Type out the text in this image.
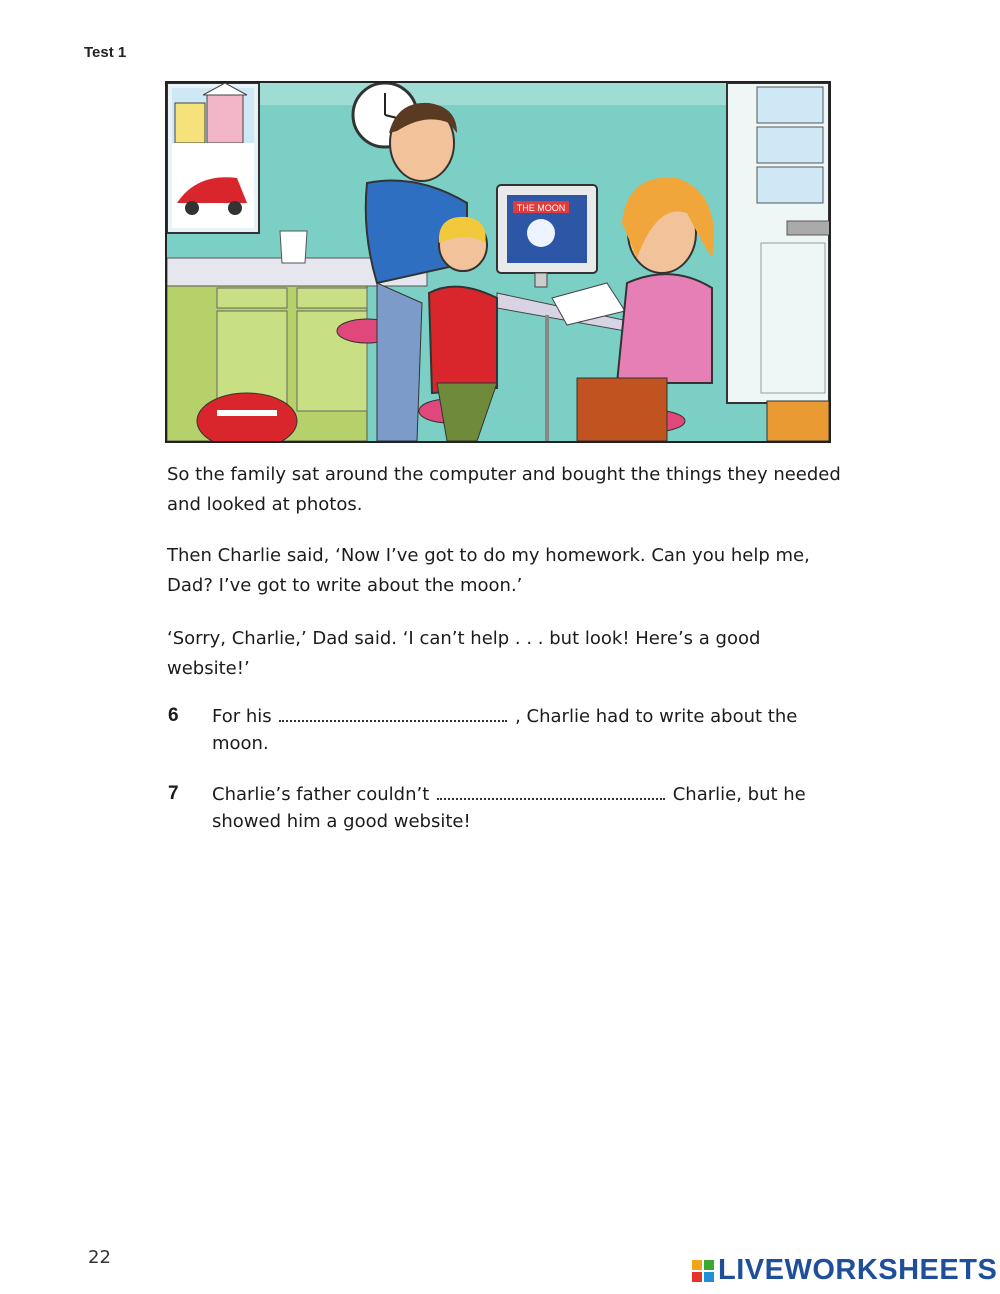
Test 1
THE MOON

So the family sat around the computer and bought the things they needed and looked at photos.

Then Charlie said, ‘Now I’ve got to do my homework. Can you help me, Dad? I’ve got to write about the moon.’

‘Sorry, Charlie,’ Dad said. ‘I can’t help . . . but look! Here’s a good website!’

6 For his	, Charlie had to write about the moon.

7 Charlie’s father couldn’t	Charlie, but he showed him a good website!

22	LIVEWORKSHEETS
